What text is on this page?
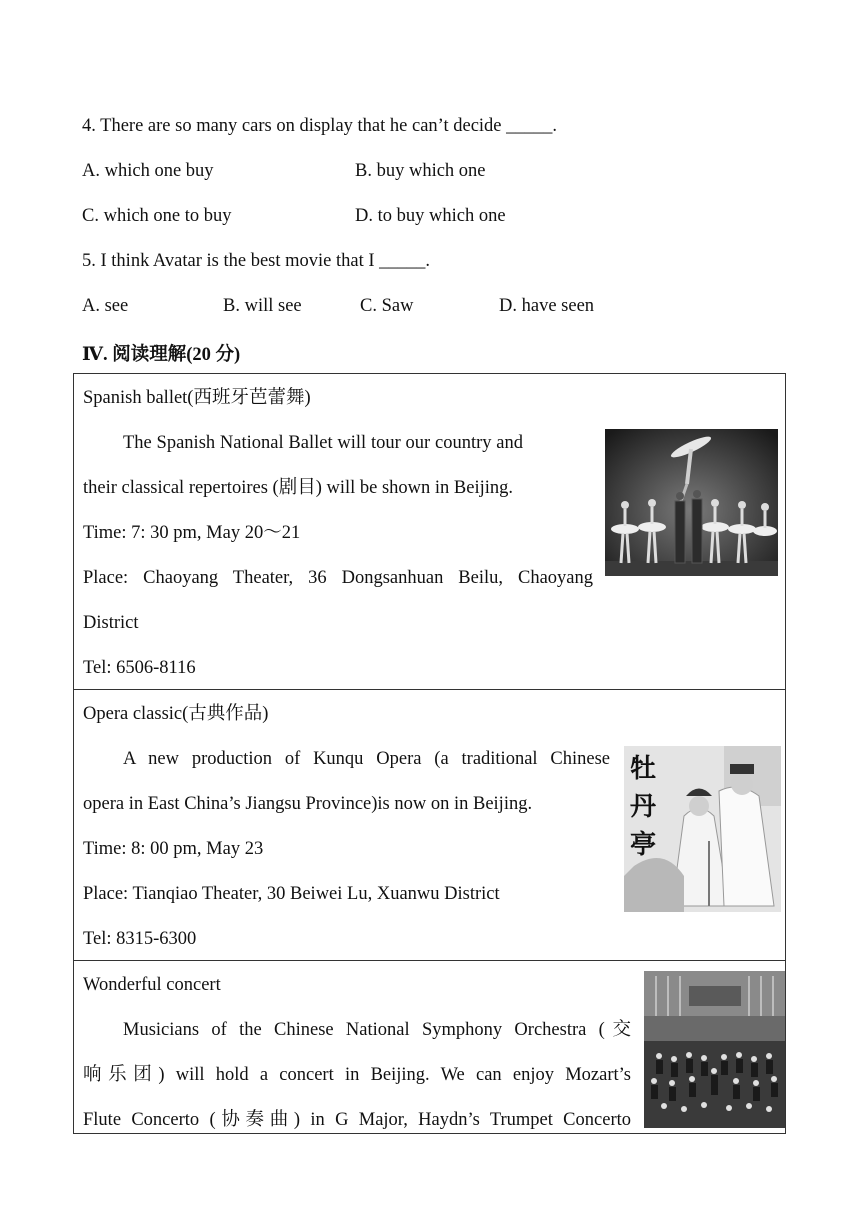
4. There are so many cars on display that he can’t decide _____.
A. which one buy	B. buy which one
C. which one to buy	D. to buy which one
5. I think Avatar is the best movie that I _____.
A. see	B. will see	C. Saw	D. have seen
Ⅳ. 阅读理解(20 分)
Spanish ballet(西班牙芭蕾舞)
The Spanish National Ballet will tour our country and
their classical repertoires (剧目) will be shown in Beijing.
Time: 7: 30 pm, May 20～21
Place: Chaoyang Theater, 36 Dongsanhuan Beilu, Chaoyang
District
Tel: 6506-8116

Opera classic(古典作品)
A new production of Kunqu Opera (a traditional Chinese
opera in East China’s Jiangsu Province)is now on in Beijing.
Time: 8: 00 pm, May 23
Place: Tianqiao Theater, 30 Beiwei Lu, Xuanwu District
Tel: 8315-6300
牡
丹
亭

Wonderful concert
Musicians of the Chinese National Symphony Orchestra (交
响乐团) will hold a concert in Beijing. We can enjoy Mozart’s
Flute Concerto (协奏曲) in G Major, Haydn’s Trumpet Concerto
